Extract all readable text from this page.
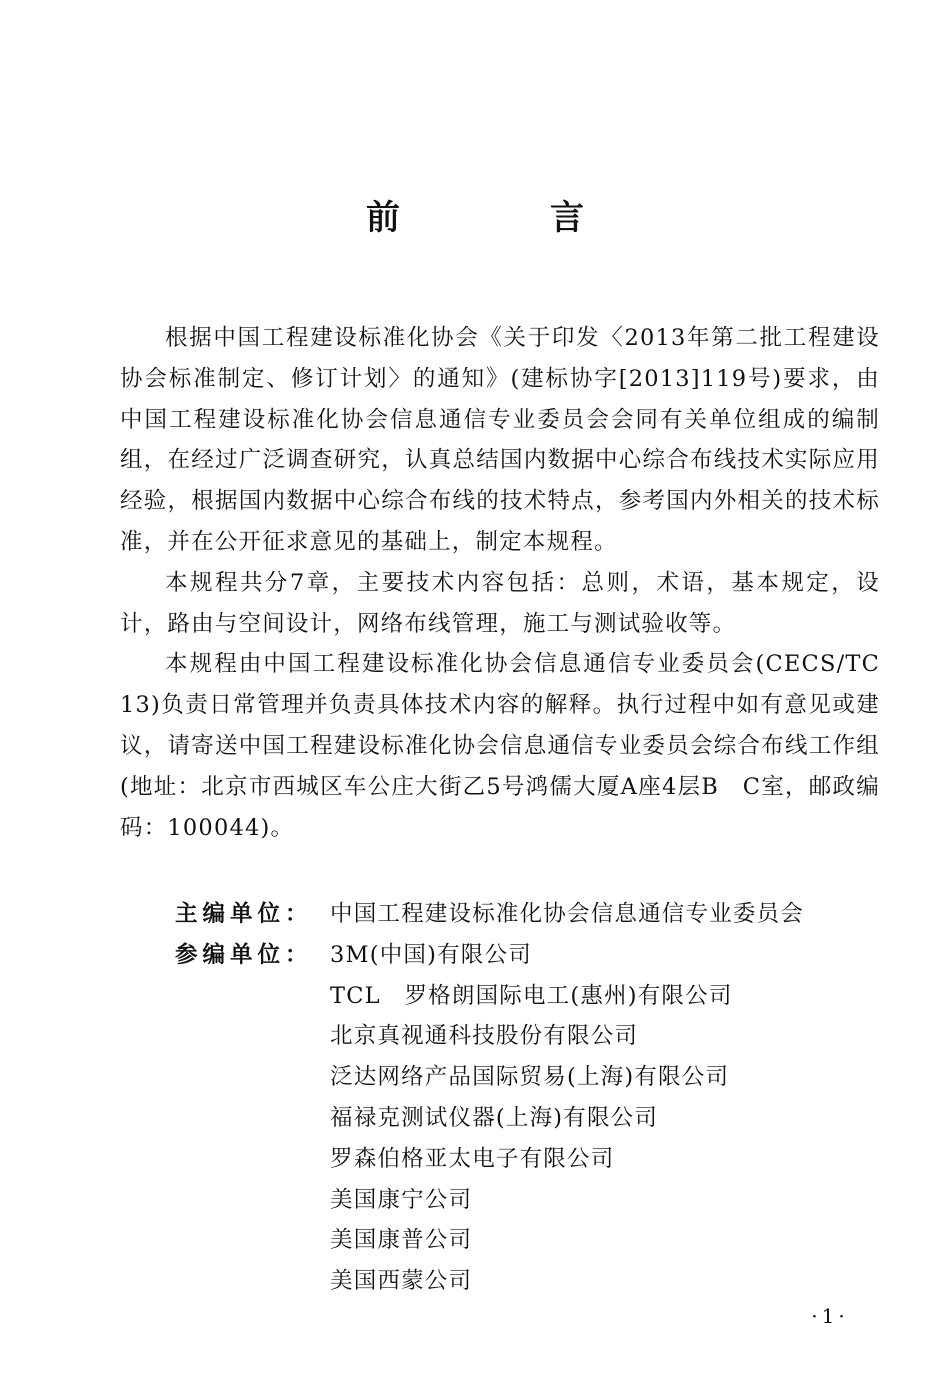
前　言

根据中国工程建设标准化协会《关于印发〈2013年第二批工程建设协会标准制定、修订计划〉的通知》(建标协字[2013]119号)要求，由中国工程建设标准化协会信息通信专业委员会会同有关单位组成的编制组，在经过广泛调查研究，认真总结国内数据中心综合布线技术实际应用经验，根据国内数据中心综合布线的技术特点，参考国内外相关的技术标准，并在公开征求意见的基础上，制定本规程。

本规程共分7章，主要技术内容包括：总则，术语，基本规定，设计，路由与空间设计，网络布线管理，施工与测试验收等。

本规程由中国工程建设标准化协会信息通信专业委员会(CECS/TC 13)负责日常管理并负责具体技术内容的解释。执行过程中如有意见或建议，请寄送中国工程建设标准化协会信息通信专业委员会综合布线工作组(地址：北京市西城区车公庄大街乙5号鸿儒大厦A座4层B　C室，邮政编码：100044)。

主编单位： 中国工程建设标准化协会信息通信专业委员会
参编单位： 3M(中国)有限公司
TCL　罗格朗国际电工(惠州)有限公司
北京真视通科技股份有限公司
泛达网络产品国际贸易(上海)有限公司
福禄克测试仪器(上海)有限公司
罗森伯格亚太电子有限公司
美国康宁公司
美国康普公司
美国西蒙公司
·1·
